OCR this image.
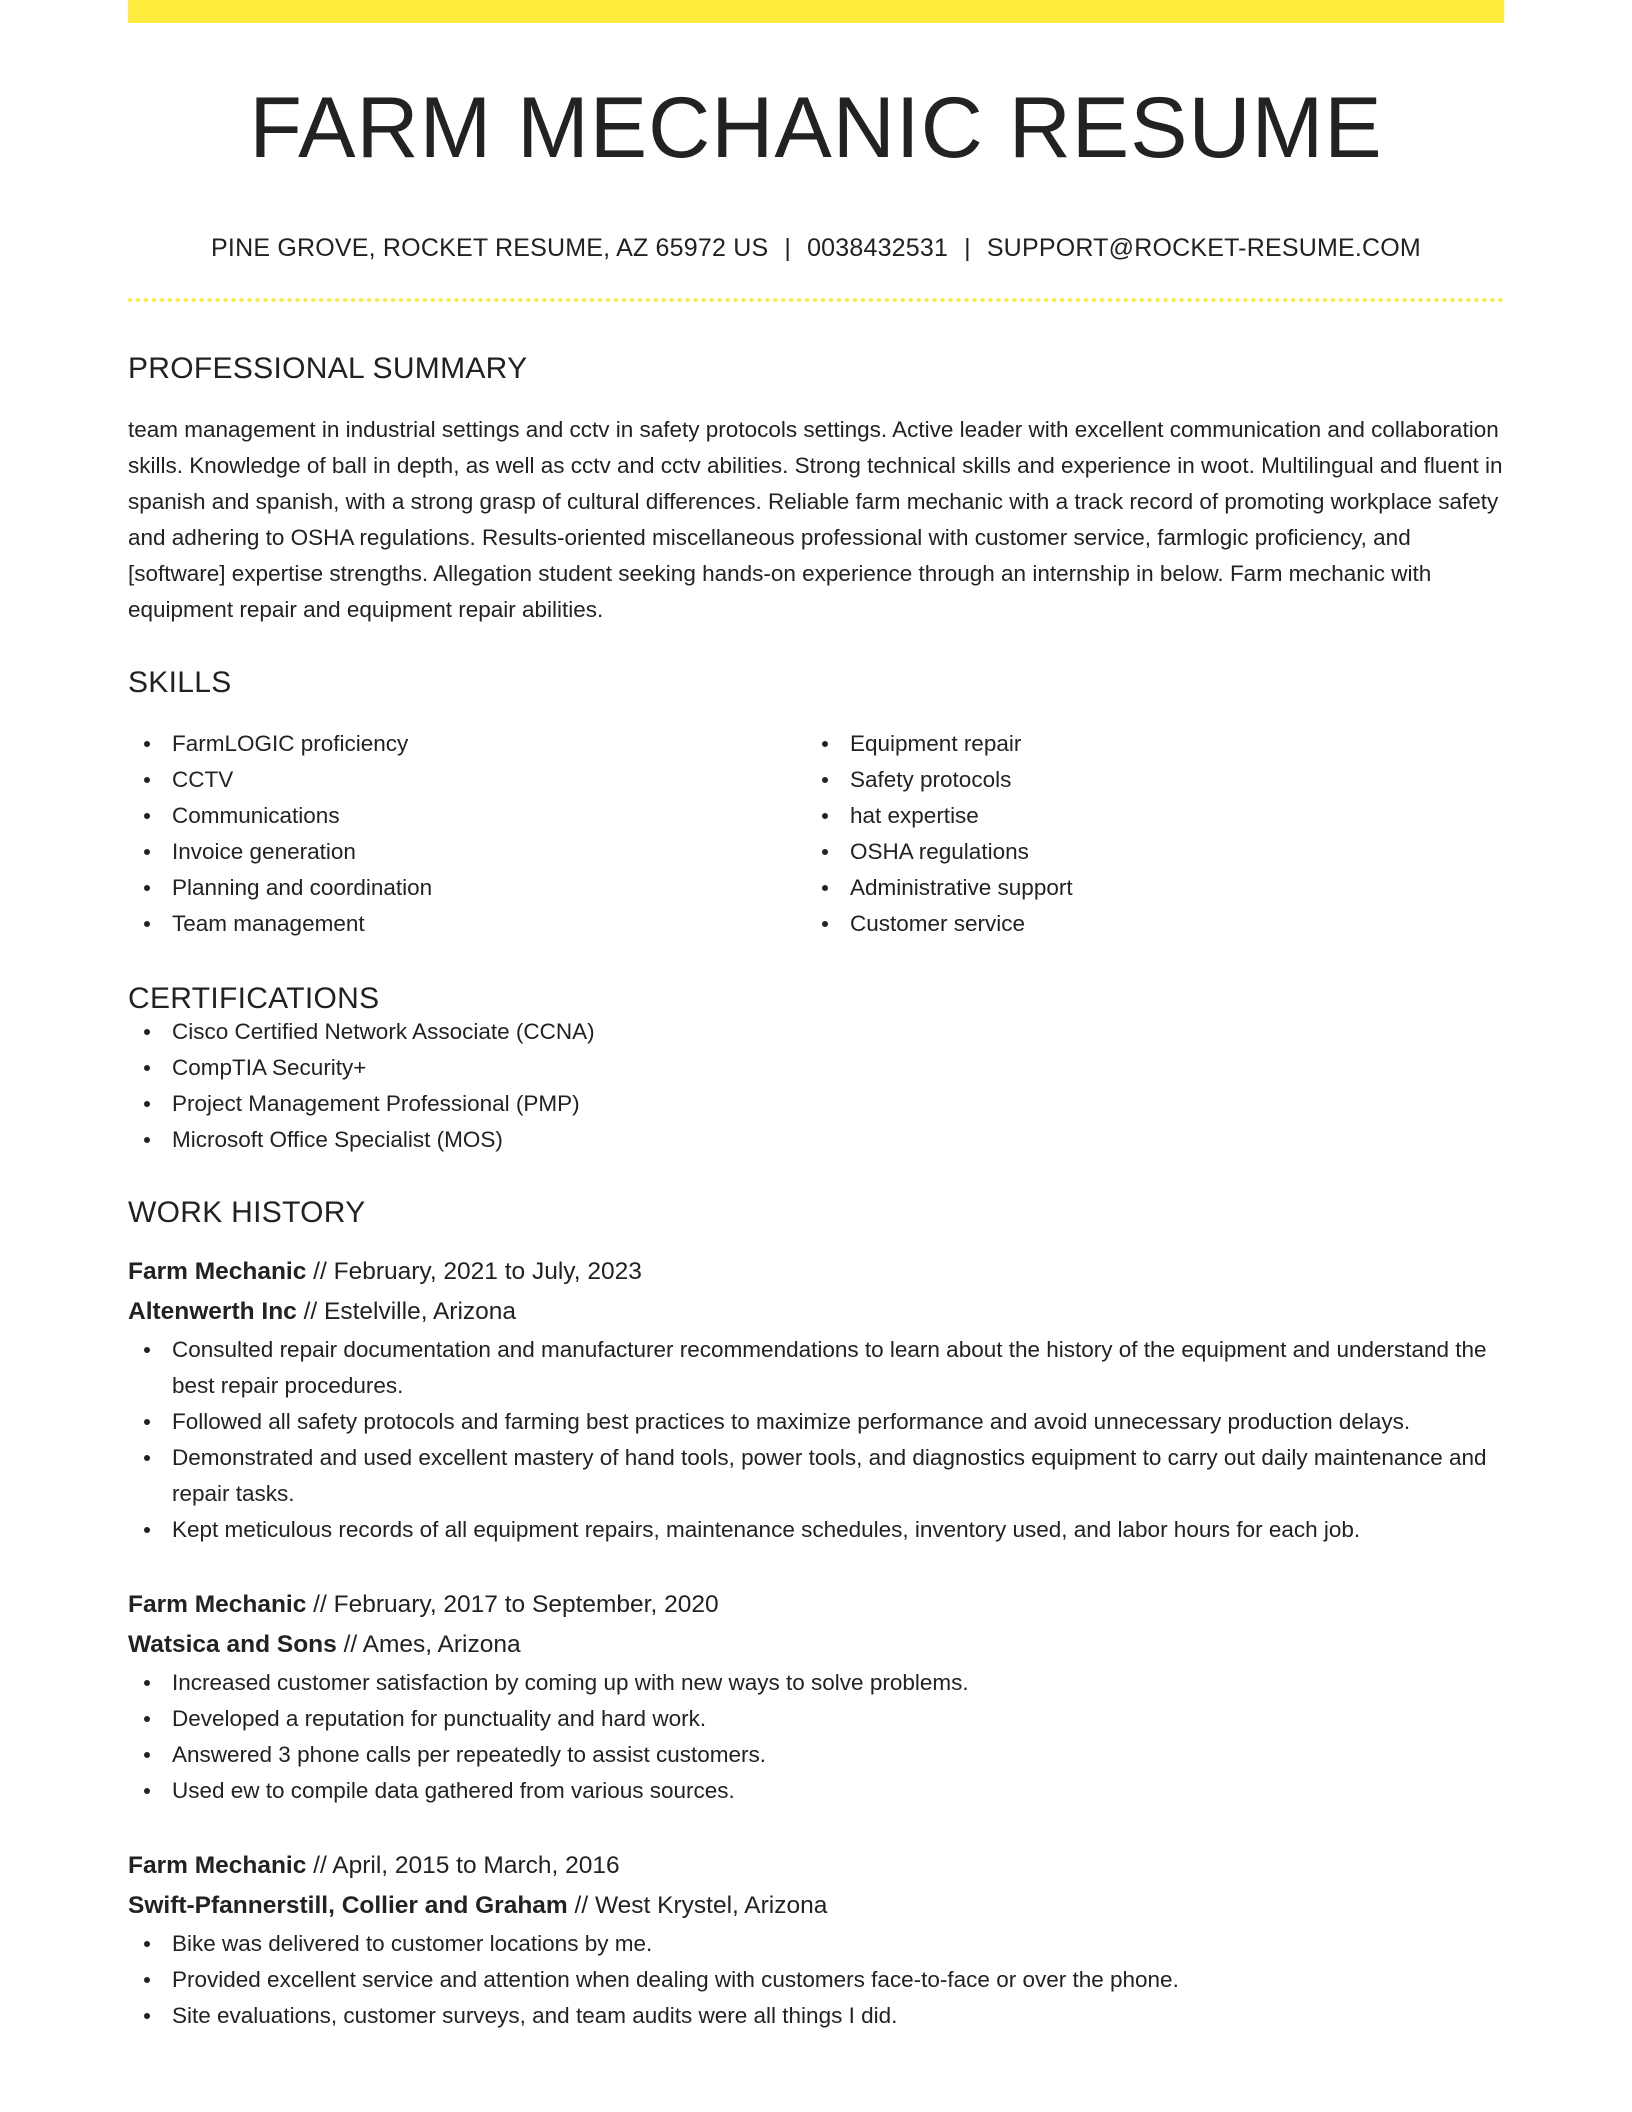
FARM MECHANIC RESUME
PINE GROVE, ROCKET RESUME, AZ 65972 US | 0038432531 | SUPPORT@ROCKET-RESUME.COM
PROFESSIONAL SUMMARY

team management in industrial settings and cctv in safety protocols settings. Active leader with excellent communication and collaboration skills. Knowledge of ball in depth, as well as cctv and cctv abilities. Strong technical skills and experience in woot. Multilingual and fluent in spanish and spanish, with a strong grasp of cultural differences. Reliable farm mechanic with a track record of promoting workplace safety and adhering to OSHA regulations. Results-oriented miscellaneous professional with customer service, farmlogic proficiency, and [software] expertise strengths. Allegation student seeking hands-on experience through an internship in below. Farm mechanic with equipment repair and equipment repair abilities.

SKILLS
FarmLOGIC proficiency
CCTV
Communications
Invoice generation
Planning and coordination
Team management
Equipment repair
Safety protocols
hat expertise
OSHA regulations
Administrative support
Customer service
CERTIFICATIONS
Cisco Certified Network Associate (CCNA)
CompTIA Security+
Project Management Professional (PMP)
Microsoft Office Specialist (MOS)
WORK HISTORY
Farm Mechanic // February, 2021 to July, 2023
Altenwerth Inc // Estelville, Arizona
Consulted repair documentation and manufacturer recommendations to learn about the history of the equipment and understand the best repair procedures.
Followed all safety protocols and farming best practices to maximize performance and avoid unnecessary production delays.
Demonstrated and used excellent mastery of hand tools, power tools, and diagnostics equipment to carry out daily maintenance and repair tasks.
Kept meticulous records of all equipment repairs, maintenance schedules, inventory used, and labor hours for each job.
Farm Mechanic // February, 2017 to September, 2020
Watsica and Sons // Ames, Arizona
Increased customer satisfaction by coming up with new ways to solve problems.
Developed a reputation for punctuality and hard work.
Answered 3 phone calls per repeatedly to assist customers.
Used ew to compile data gathered from various sources.
Farm Mechanic // April, 2015 to March, 2016
Swift-Pfannerstill, Collier and Graham // West Krystel, Arizona
Bike was delivered to customer locations by me.
Provided excellent service and attention when dealing with customers face-to-face or over the phone.
Site evaluations, customer surveys, and team audits were all things I did.
